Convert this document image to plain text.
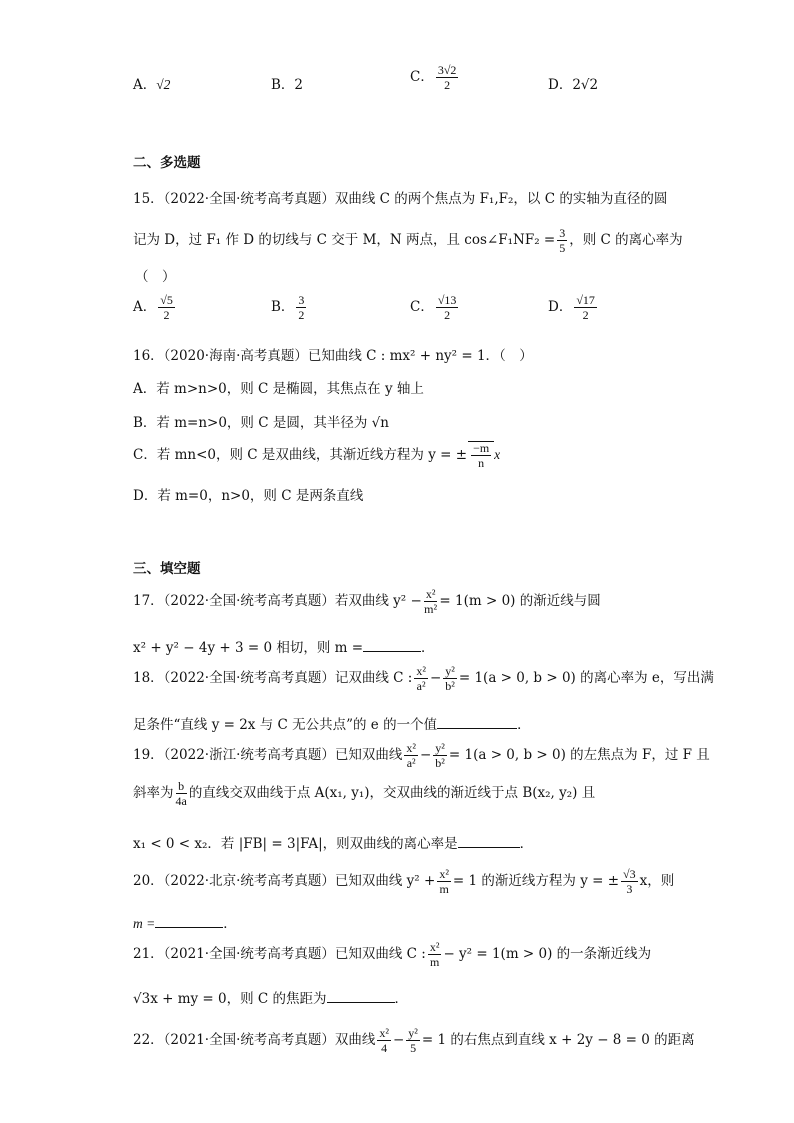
A．√2	B．2	C． $\frac{3√2}{2}$	D．2√2
二、多选题
15．（2022·全国·统考高考真题）双曲线 C 的两个焦点为 F₁,F₂，以 C 的实轴为直径的圆
记为 D，过 F₁ 作 D 的切线与 C 交于 M，N 两点，且 cos∠F₁NF₂ = $\frac{3}{5}$ ，则 C 的离心率为
（　）
A． $\frac{√5}{2}$	B． $\frac{3}{2}$	C． $\frac{√13}{2}$	D． $\frac{√17}{2}$
16．（2020·海南·高考真题）已知曲线 C : mx² + ny² = 1．（　）
A．若 m>n>0，则 C 是椭圆，其焦点在 y 轴上
B．若 m=n>0，则 C 是圆，其半径为 √n
C．若 mn<0，则 C 是双曲线，其渐近线方程为 y = ± $\frac{-m}{n}$ x
D．若 m=0，n>0，则 C 是两条直线
三、填空题
17．（2022·全国·统考高考真题）若双曲线 $y^2 - \frac{\text{x²}}{\text{m²}} = 1(m > 0)$ 的渐近线与圆
x² + y² − 4y + 3 = 0 相切，则 m =	．
18．（2022·全国·统考高考真题）记双曲线 C : $\frac{\text{x²}}{\text{a²}} - \frac{\text{y²}}{\text{b²}} = 1(a > 0$, b > 0) 的离心率为 e，写出满
足条件“直线 y = 2x 与 C 无公共点”的 e 的一个值	．
19．（2022·浙江·统考高考真题）已知双曲线 $\frac{\text{x²}}{\text{a²}} - \frac{\text{y²}}{\text{b²}} = 1(a > 0$, b > 0) 的左焦点为 F，过 F 且
斜率为 $\frac{b}{4a}$ 的直线交双曲线于点 A(x₁, y₁)，交双曲线的渐近线于点 B(x₂, y₂) 且
x₁ < 0 < x₂．若 |FB| = 3|FA|，则双曲线的离心率是	．
20．（2022·北京·统考高考真题）已知双曲线 $y^2 + \frac{\text{x²}}{m} = 1$ 的渐近线方程为 y = ± $\frac{√3}{3}$ x，则
m =	．
21．（2021·全国·统考高考真题）已知双曲线 C : $\frac{\text{x²}}{m} - y^2 = 1(m > 0)$ 的一条渐近线为
√3x + my = 0，则 C 的焦距为	．
22．（2021·全国·统考高考真题）双曲线 $\frac{\text{x²}}{4} - \frac{\text{y²}}{5} = 1$ 的右焦点到直线 x + 2y − 8 = 0 的距离
